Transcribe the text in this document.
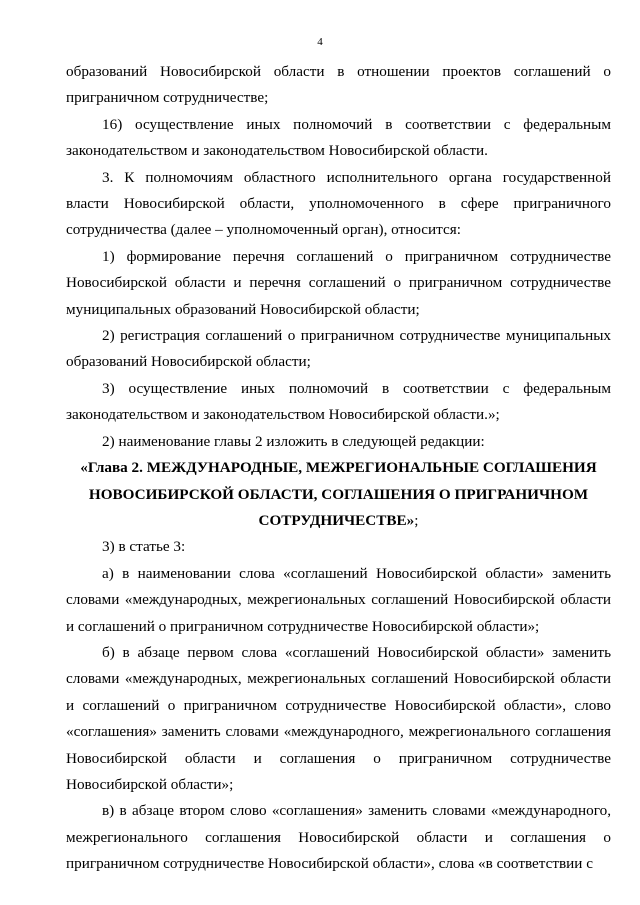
4

образований Новосибирской области в отношении проектов соглашений о приграничном сотрудничестве;

16) осуществление иных полномочий в соответствии с федеральным законодательством и законодательством Новосибирской области.

3. К полномочиям областного исполнительного органа государственной власти Новосибирской области, уполномоченного в сфере приграничного сотрудничества (далее – уполномоченный орган), относится:

1) формирование перечня соглашений о приграничном сотрудничестве Новосибирской области и перечня соглашений о приграничном сотрудничестве муниципальных образований Новосибирской области;

2) регистрация соглашений о приграничном сотрудничестве муниципальных образований Новосибирской области;

3) осуществление иных полномочий в соответствии с федеральным законодательством и законодательством Новосибирской области.»;

2) наименование главы 2 изложить в следующей редакции:

«Глава 2. МЕЖДУНАРОДНЫЕ, МЕЖРЕГИОНАЛЬНЫЕ СОГЛАШЕНИЯ НОВОСИБИРСКОЙ ОБЛАСТИ, СОГЛАШЕНИЯ О ПРИГРАНИЧНОМ СОТРУДНИЧЕСТВЕ»;

3) в статье 3:

а) в наименовании слова «соглашений Новосибирской области» заменить словами «международных, межрегиональных соглашений Новосибирской области и соглашений о приграничном сотрудничестве Новосибирской области»;

б) в абзаце первом слова «соглашений Новосибирской области» заменить словами «международных, межрегиональных соглашений Новосибирской области и соглашений о приграничном сотрудничестве Новосибирской области», слово «соглашения» заменить словами «международного, межрегионального соглашения Новосибирской области и соглашения о приграничном сотрудничестве Новосибирской области»;

в) в абзаце втором слово «соглашения» заменить словами «международного, межрегионального соглашения Новосибирской области и соглашения о приграничном сотрудничестве Новосибирской области», слова «в соответствии с
